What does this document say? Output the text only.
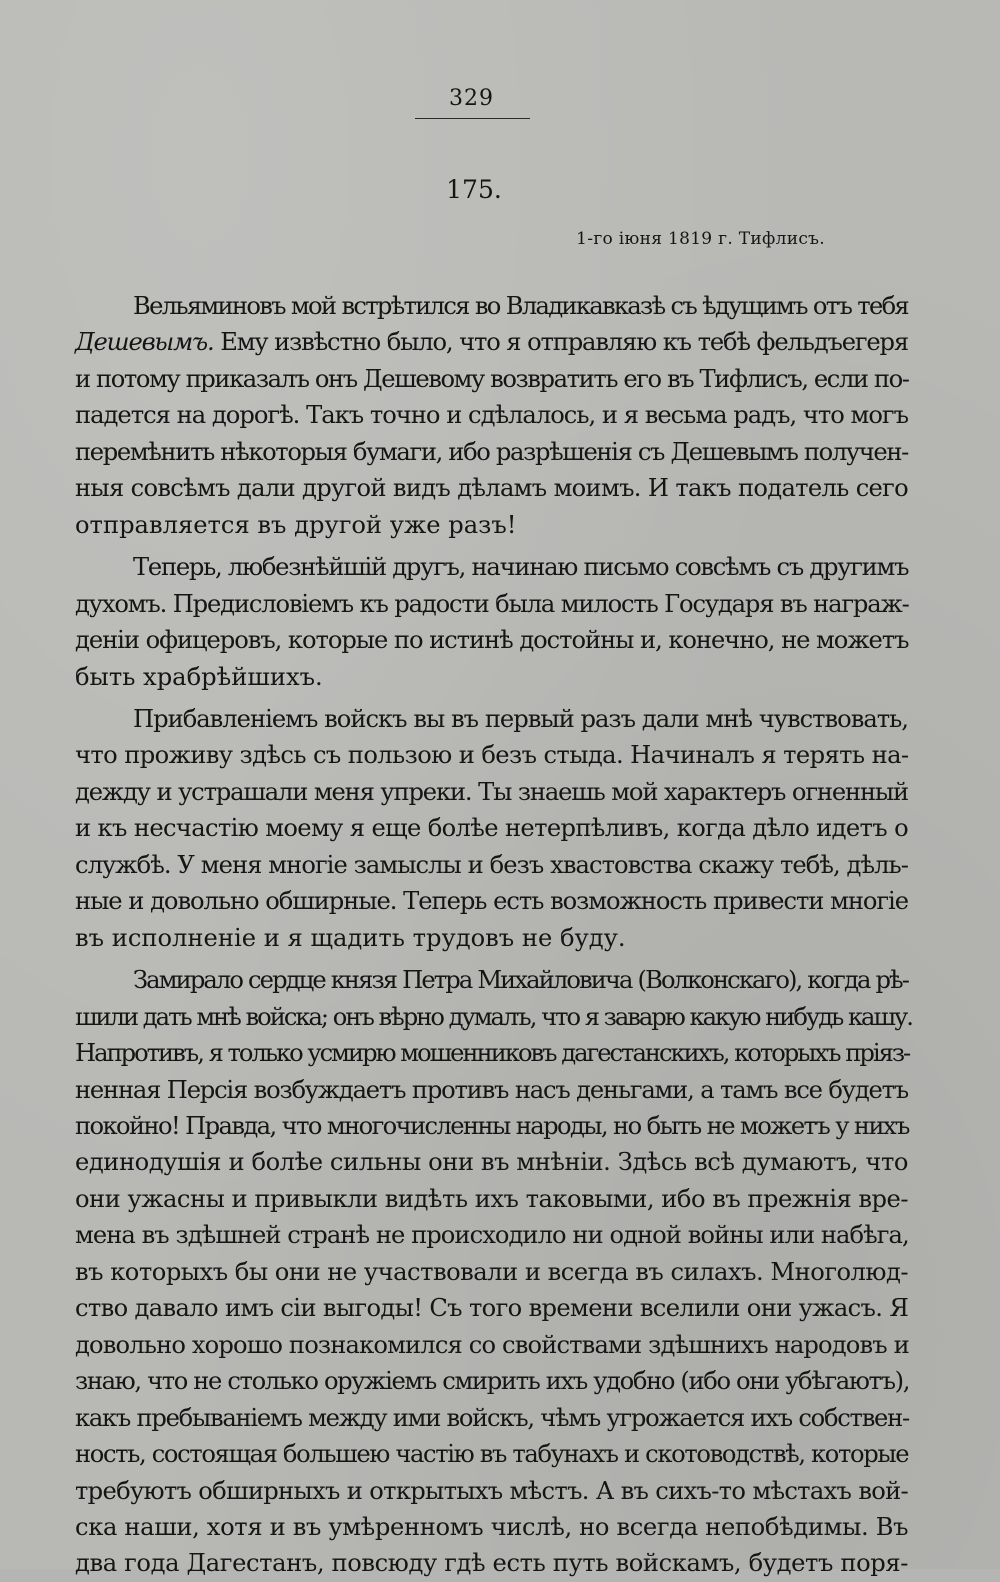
329
175.
1-го іюня 1819 г. Тифлисъ.
Вельяминовъ мой встрѣтился во Владикавказѣ съ ѣдущимъ отъ тебя
Дешевымъ. Ему извѣстно было, что я отправляю къ тебѣ фельдъегеря
и потому приказалъ онъ Дешевому возвратить его въ Тифлисъ, если по-
падется на дорогѣ. Такъ точно и сдѣлалось, и я весьма радъ, что могъ
перемѣнить нѣкоторыя бумаги, ибо разрѣшенія съ Дешевымъ получен-
ныя совсѣмъ дали другой видъ дѣламъ моимъ. И такъ податель сего
отправляется въ другой уже разъ!
Теперь, любезнѣйшій другъ, начинаю письмо совсѣмъ съ другимъ
духомъ. Предисловіемъ къ радости была милость Государя въ награж-
деніи офицеровъ, которые по истинѣ достойны и, конечно, не можетъ
быть храбрѣйшихъ.
Прибавленіемъ войскъ вы въ первый разъ дали мнѣ чувствовать,
что проживу здѣсь съ пользою и безъ стыда. Начиналъ я терять на-
дежду и устрашали меня упреки. Ты знаешь мой характеръ огненный
и къ несчастію моему я еще болѣе нетерпѣливъ, когда дѣло идетъ о
службѣ. У меня многіе замыслы и безъ хвастовства скажу тебѣ, дѣль-
ные и довольно обширные. Теперь есть возможность привести многіе
въ исполненіе и я щадить трудовъ не буду.
Замирало сердце князя Петра Михайловича (Волконскаго), когда рѣ-
шили дать мнѣ войска; онъ вѣрно думалъ, что я заварю какую нибудь кашу.
Напротивъ, я только усмирю мошенниковъ дагестанскихъ, которыхъ пріяз-
ненная Персія возбуждаетъ противъ насъ деньгами, а тамъ все будетъ
покойно! Правда, что многочисленны народы, но быть не можетъ у нихъ
единодушія и болѣе сильны они въ мнѣніи. Здѣсь всѣ думаютъ, что
они ужасны и привыкли видѣть ихъ таковыми, ибо въ прежнія вре-
мена въ здѣшней странѣ не происходило ни одной войны или набѣга,
въ которыхъ бы они не участвовали и всегда въ силахъ. Многолюд-
ство давало имъ сіи выгоды! Съ того времени вселили они ужасъ. Я
довольно хорошо познакомился со свойствами здѣшнихъ народовъ и
знаю, что не столько оружіемъ смирить ихъ удобно (ибо они убѣгаютъ),
какъ пребываніемъ между ими войскъ, чѣмъ угрожается ихъ собствен-
ность, состоящая большею частію въ табунахъ и скотоводствѣ, которые
требуютъ обширныхъ и открытыхъ мѣстъ. А въ сихъ-то мѣстахъ вой-
ска наши, хотя и въ умѣренномъ числѣ, но всегда непобѣдимы. Въ
два года Дагестанъ, повсюду гдѣ есть путь войскамъ, будетъ поря-
